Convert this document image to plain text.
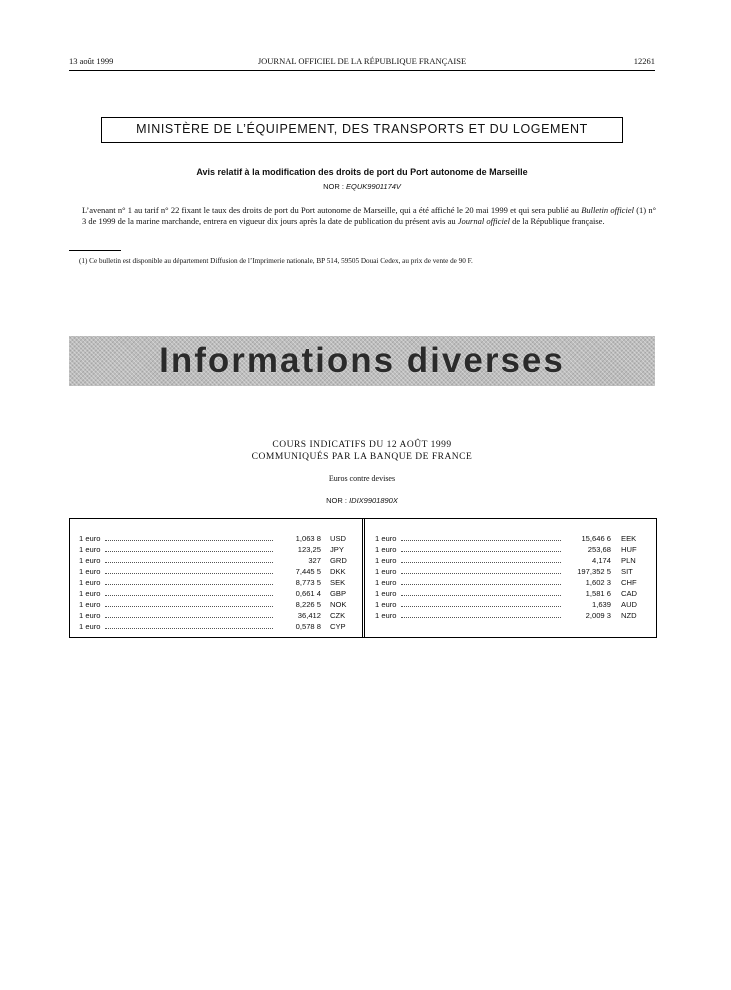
13 août 1999	JOURNAL OFFICIEL DE LA RÉPUBLIQUE FRANÇAISE	12261
MINISTÈRE DE L’ÉQUIPEMENT, DES TRANSPORTS ET DU LOGEMENT
Avis relatif à la modification des droits de port du Port autonome de Marseille
NOR : EQUK9901174V
L’avenant n° 1 au tarif n° 22 fixant le taux des droits de port du Port autonome de Marseille, qui a été affiché le 20 mai 1999 et qui sera publié au Bulletin officiel (1) n° 3 de 1999 de la marine marchande, entrera en vigueur dix jours après la date de publication du présent avis au Journal officiel de la République française.
(1) Ce bulletin est disponible au département Diffusion de l’Imprimerie nationale, BP 514, 59505 Douai Cedex, au prix de vente de 90 F.
Informations diverses
COURS INDICATIFS DU 12 AOÛT 1999
COMMUNIQUÉS PAR LA BANQUE DE FRANCE
Euros contre devises
NOR : IDIX9901890X
1 euro	1,063 8 USD
1 euro	123,25 JPY
1 euro	327 GRD
1 euro	7,445 5 DKK
1 euro	8,773 5 SEK
1 euro	0,661 4 GBP
1 euro	8,226 5 NOK
1 euro	36,412 CZK
1 euro	0,578 8 CYP
1 euro	15,646 6 EEK
1 euro	253,68 HUF
1 euro	4,174 PLN
1 euro	197,352 5 SIT
1 euro	1,602 3 CHF
1 euro	1,581 6 CAD
1 euro	1,639 AUD
1 euro	2,009 3 NZD
